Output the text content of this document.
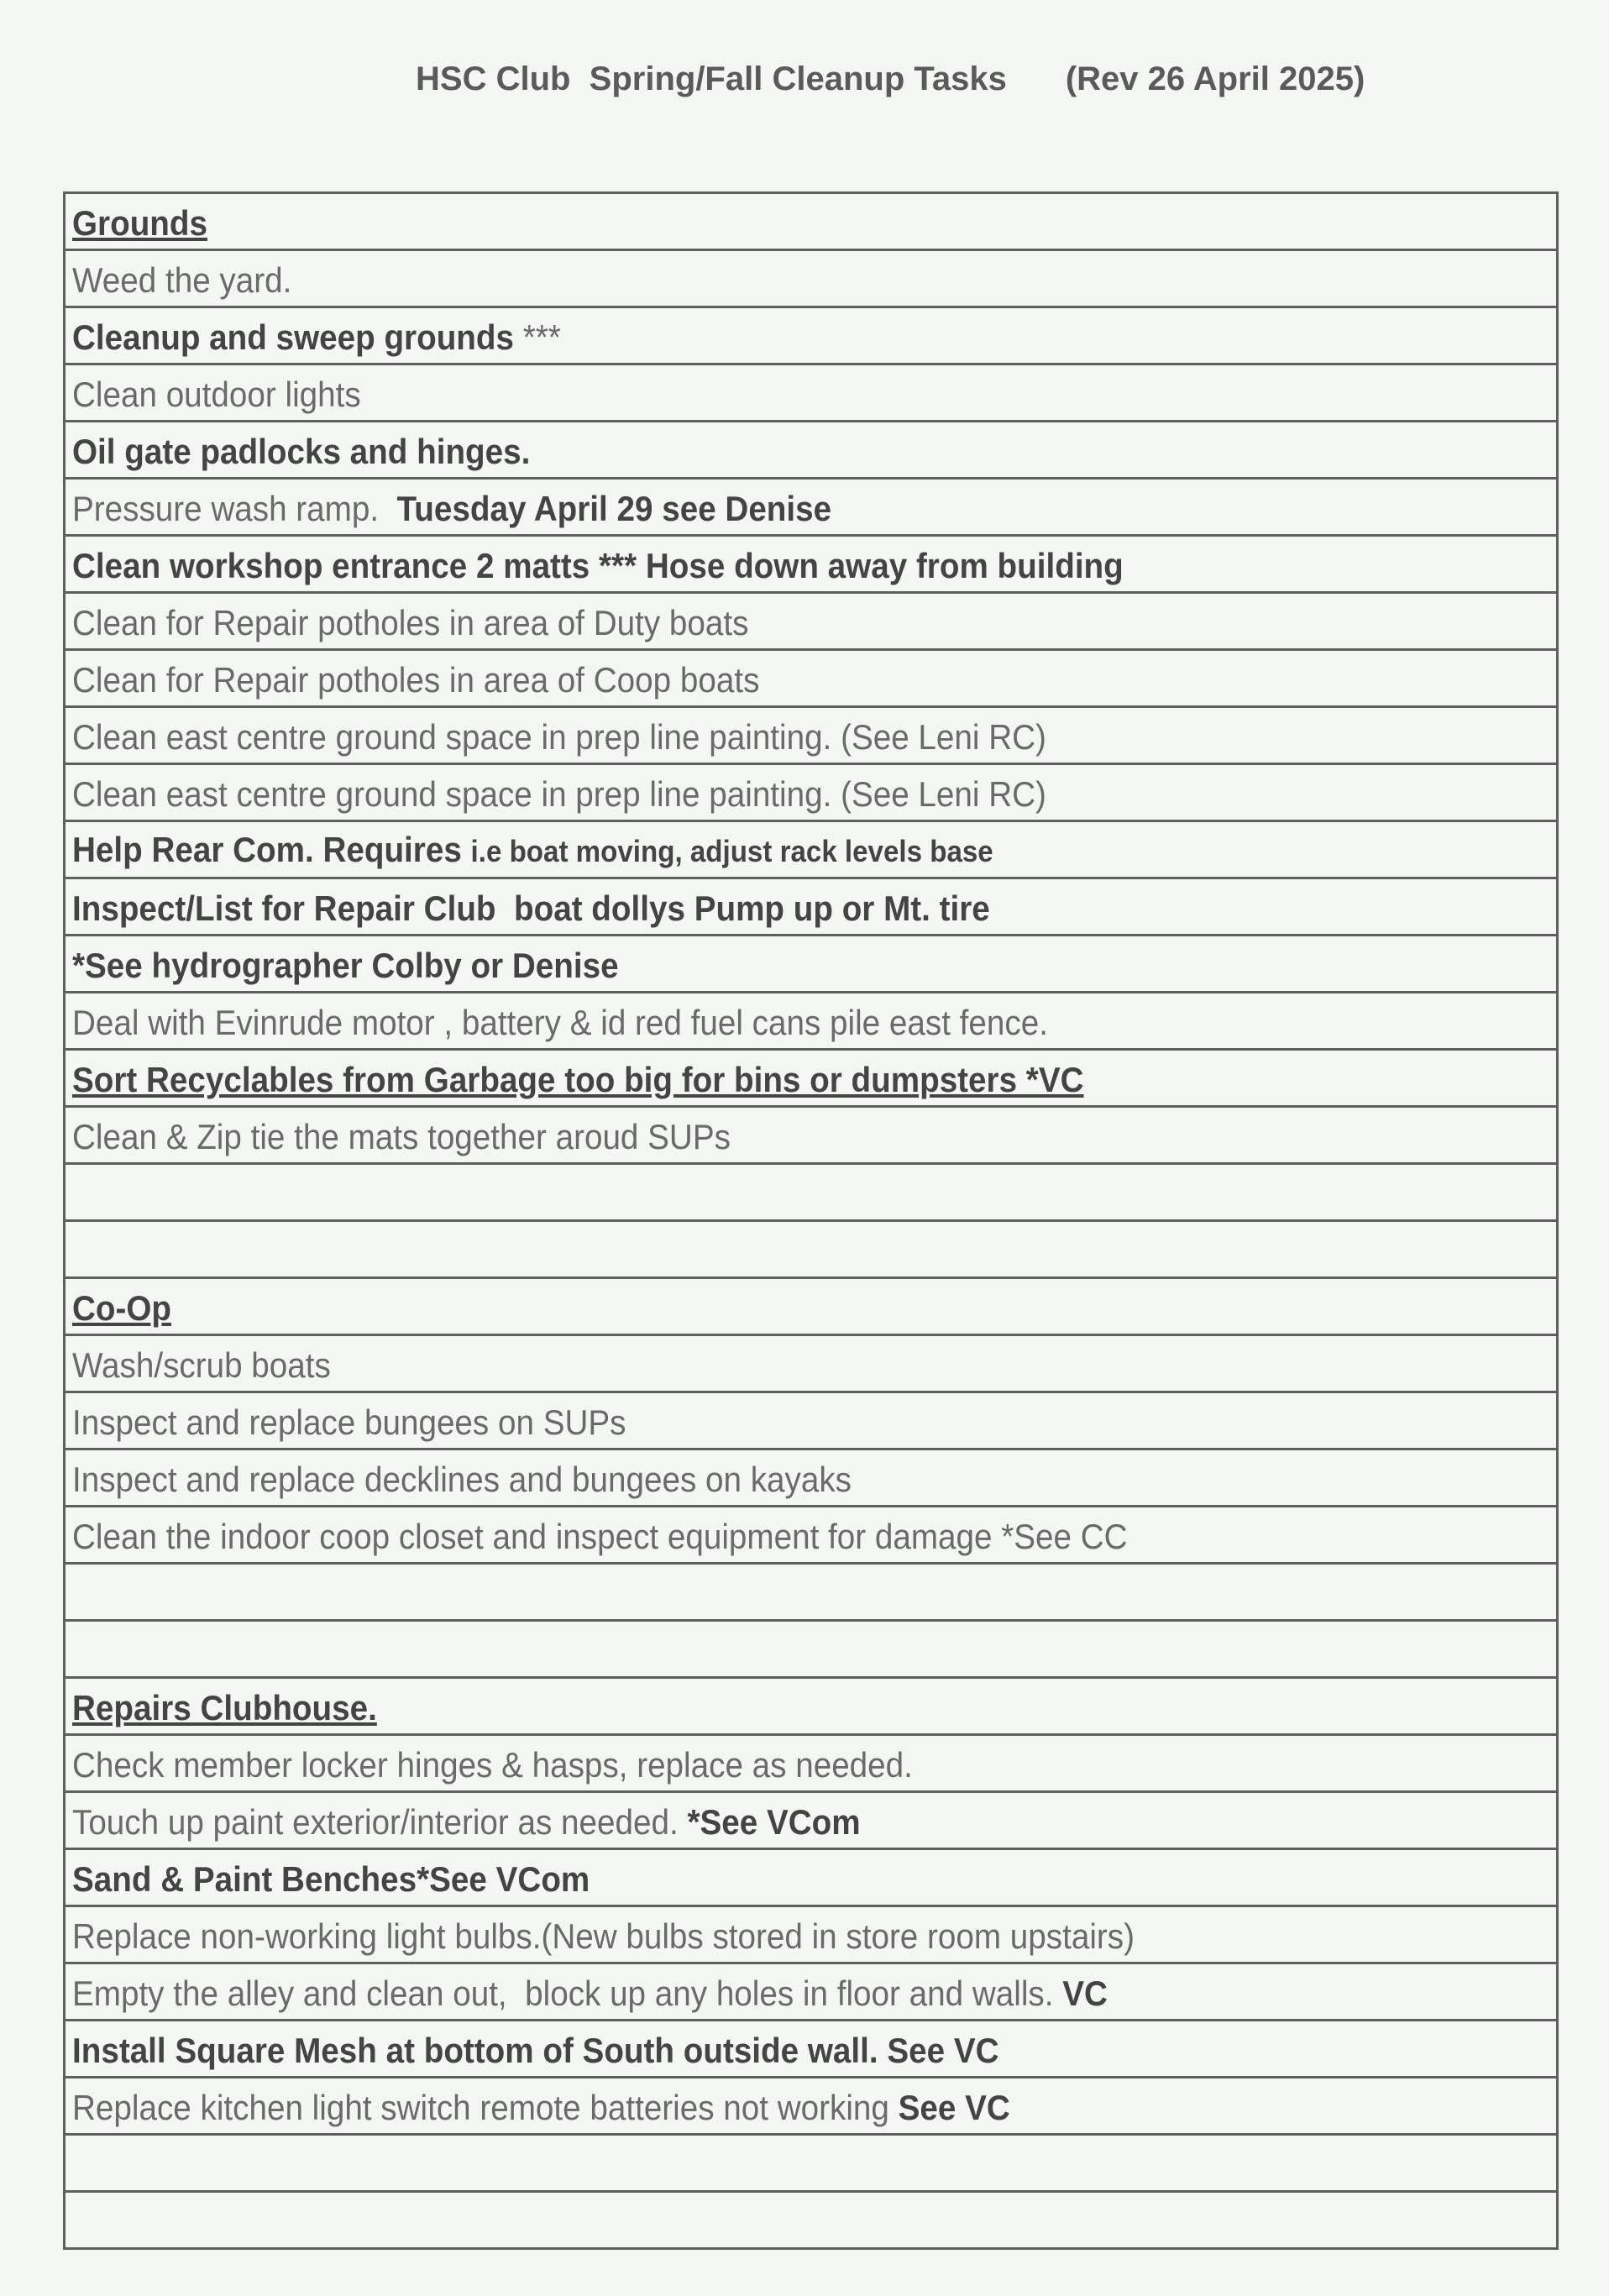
HSC Club  Spring/Fall Cleanup Tasks (Rev 26 April 2025)
Grounds
Weed the yard.
Cleanup and sweep grounds ***
Clean outdoor lights
Oil gate padlocks and hinges.
Pressure wash ramp.  Tuesday April 29 see Denise
Clean workshop entrance 2 matts *** Hose down away from building
Clean for Repair potholes in area of Duty boats
Clean for Repair potholes in area of Coop boats
Clean east centre ground space in prep line painting. (See Leni RC)
Clean east centre ground space in prep line painting. (See Leni RC)
Help Rear Com. Requires i.e boat moving, adjust rack levels base
Inspect/List for Repair Club  boat dollys Pump up or Mt. tire
*See hydrographer Colby or Denise
Deal with Evinrude motor , battery & id red fuel cans pile east fence.
Sort Recyclables from Garbage too big for bins or dumpsters *VC
Clean & Zip tie the mats together aroud SUPs
Co-Op
Wash/scrub boats
Inspect and replace bungees on SUPs
Inspect and replace decklines and bungees on kayaks
Clean the indoor coop closet and inspect equipment for damage *See CC
Repairs Clubhouse.
Check member locker hinges & hasps, replace as needed.
Touch up paint exterior/interior as needed. *See VCom
Sand & Paint Benches*See VCom
Replace non-working light bulbs.(New bulbs stored in store room upstairs)
Empty the alley and clean out,  block up any holes in floor and walls. VC
Install Square Mesh at bottom of South outside wall. See VC
Replace kitchen light switch remote batteries not working See VC
